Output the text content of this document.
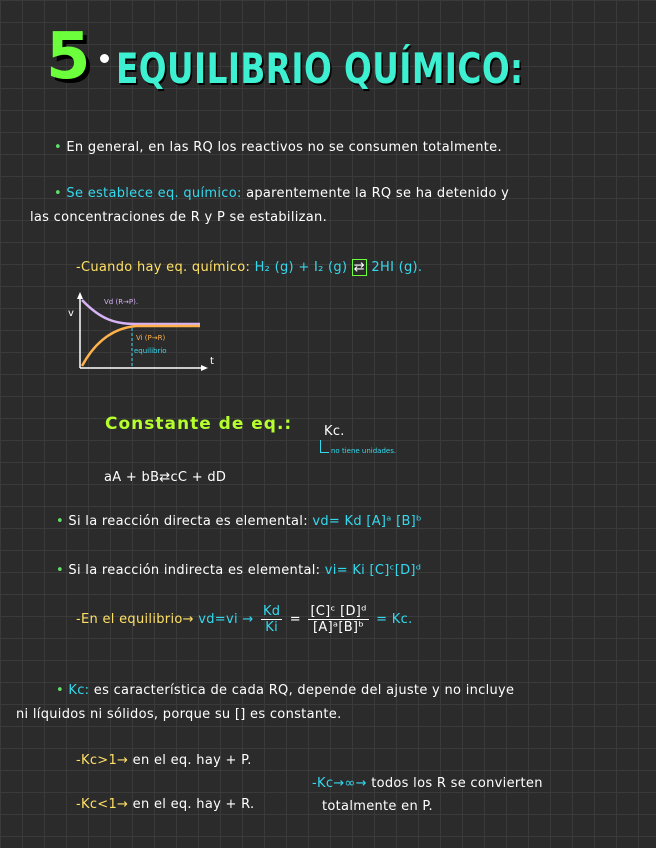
5 EQUILIBRIO QUÍMICO:
• En general, en las RQ los reactivos no se consumen totalmente.
• Se establece eq. químico: aparentemente la RQ se ha detenido y
las concentraciones de R y P se estabilizan.
-Cuando hay eq. químico: H₂ (g) + I₂ (g) ⇄ 2HI (g).
v
t
Vd (R→P).
Vi (P→R)
equilibrio
Constante de eq.: Kc.
no tiene unidades.
aA + bB⇄cC + dD
• Si la reacción directa es elemental: vd= Kd [A]ᵃ [B]ᵇ
• Si la reacción indirecta es elemental: vi= Ki [C]ᶜ[D]ᵈ
-En el equilibrio→ $vd=vi \to \frac{Kd}{Ki} = \frac{\text{[C]ᶜ [D]ᵈ}}{\text{[A]ᵃ[B]ᵇ}} = Kc$.
• Kc: es característica de cada RQ, depende del ajuste y no incluye
ni líquidos ni sólidos, porque su [] es constante.
-Kc>1→ en el eq. hay + P.
-Kc<1→ en el eq. hay + R.
-Kc→∞→ todos los R se convierten
totalmente en P.
